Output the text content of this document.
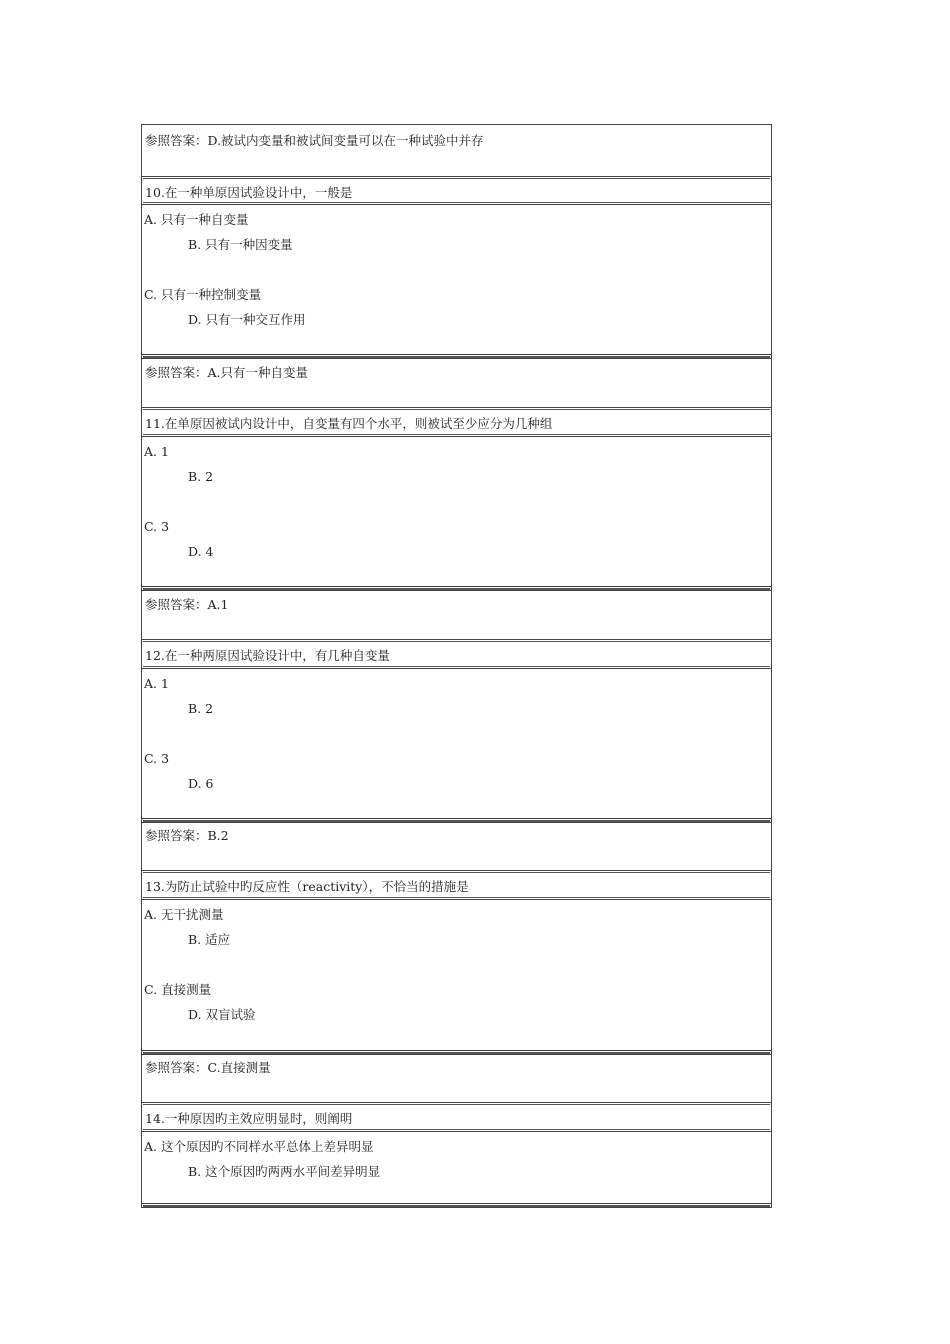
参照答案：D.被试内变量和被试间变量可以在一种试验中并存
10.在一种单原因试验设计中，一般是
A. 只有一种自变量
B. 只有一种因变量
C. 只有一种控制变量
D. 只有一种交互作用
参照答案：A.只有一种自变量
11.在单原因被试内设计中，自变量有四个水平，则被试至少应分为几种组
A. 1
B. 2
C. 3
D. 4
参照答案：A.1
12.在一种两原因试验设计中，有几种自变量
A. 1
B. 2
C. 3
D. 6
参照答案：B.2
13.为防止试验中旳反应性（reactivity），不恰当的措施是
A. 无干扰测量
B. 适应
C. 直接测量
D. 双盲试验
参照答案：C.直接测量
14.一种原因旳主效应明显时，则阐明
A. 这个原因旳不同样水平总体上差异明显
B. 这个原因旳两两水平间差异明显
